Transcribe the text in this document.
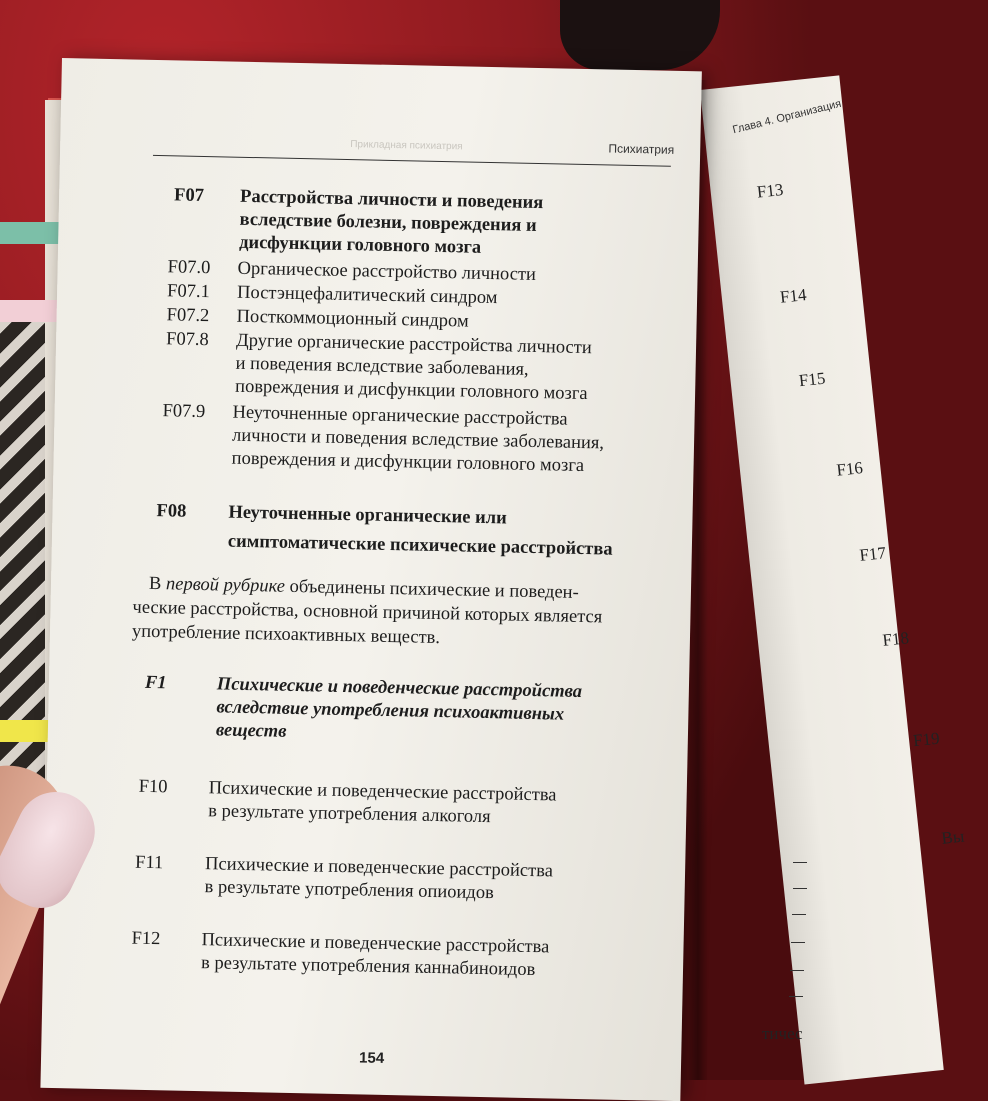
Глава 4. Организация
F13
F14
F15
F16
F17
F18
F19
Вы
тичес
Прикладная психиатрия	Психиатрия
F07 Расстройства личности и поведения
вследствие болезни, повреждения и
дисфункции головного мозга
F07.0 Органическое расстройство личности
F07.1 Постэнцефалитический синдром
F07.2 Посткоммоционный синдром
F07.8 Другие органические расстройства личности
и поведения вследствие заболевания,
повреждения и дисфункции головного мозга
F07.9 Неуточненные органические расстройства
личности и поведения вследствие заболевания,
повреждения и дисфункции головного мозга
F08 Неуточненные органические или
симптоматические психические расстройства
В первой рубрике объединены психические и поведен-
ческие расстройства, основной причиной которых является
употребление психоактивных веществ.
F1	Психические и поведенческие расстройства
вследствие употребления психоактивных
веществ
F10 Психические и поведенческие расстройства
в результате употребления алкоголя
F11 Психические и поведенческие расстройства
в результате употребления опиоидов
F12 Психические и поведенческие расстройства
в результате употребления каннабиноидов
154
